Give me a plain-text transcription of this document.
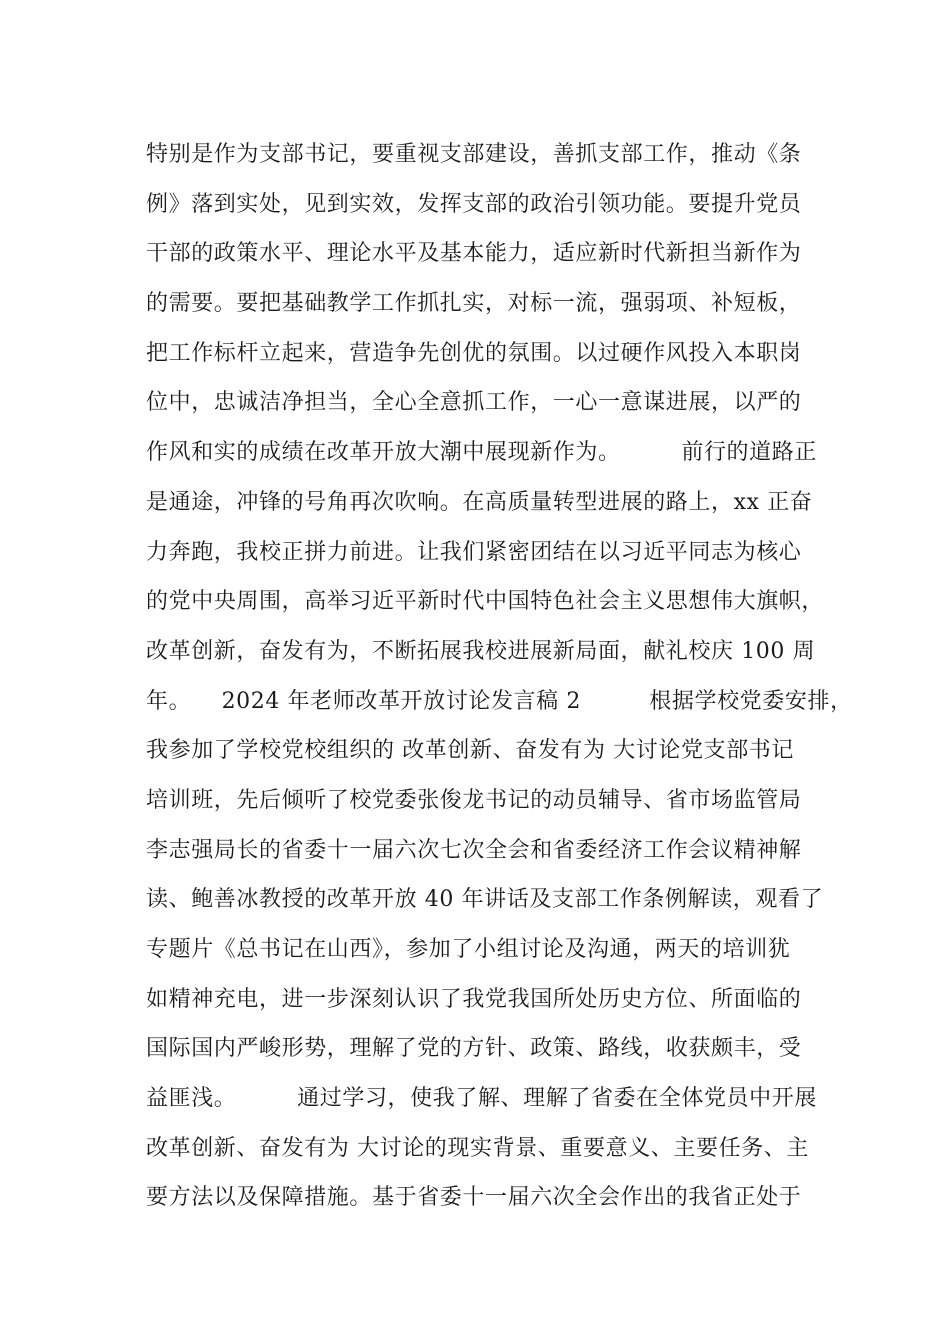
特别是作为支部书记，要重视支部建设，善抓支部工作，推动《条
例》落到实处，见到实效，发挥支部的政治引领功能。要提升党员
干部的政策水平、理论水平及基本能力，适应新时代新担当新作为
的需要。要把基础教学工作抓扎实，对标一流，强弱项、补短板，
把工作标杆立起来，营造争先创优的氛围。以过硬作风投入本职岗
位中，忠诚洁净担当，全心全意抓工作，一心一意谋进展，以严的
作风和实的成绩在改革开放大潮中展现新作为。        前行的道路正
是通途，冲锋的号角再次吹响。在高质量转型进展的路上，xx 正奋
力奔跑，我校正拼力前进。让我们紧密团结在以习近平同志为核心
的党中央周围，高举习近平新时代中国特色社会主义思想伟大旗帜，
改革创新，奋发有为，不断拓展我校进展新局面，献礼校庆 100 周
年。    2024 年老师改革开放讨论发言稿 2         根据学校党委安排，
我参加了学校党校组织的 改革创新、奋发有为 大讨论党支部书记
培训班，先后倾听了校党委张俊龙书记的动员辅导、省市场监管局
李志强局长的省委十一届六次七次全会和省委经济工作会议精神解
读、鲍善冰教授的改革开放 40 年讲话及支部工作条例解读，观看了
专题片《总书记在山西》，参加了小组讨论及沟通，两天的培训犹
如精神充电，进一步深刻认识了我党我国所处历史方位、所面临的
国际国内严峻形势，理解了党的方针、政策、路线，收获颇丰，受
益匪浅。        通过学习，使我了解、理解了省委在全体党员中开展
改革创新、奋发有为 大讨论的现实背景、重要意义、主要任务、主
要方法以及保障措施。基于省委十一届六次全会作出的我省正处于
